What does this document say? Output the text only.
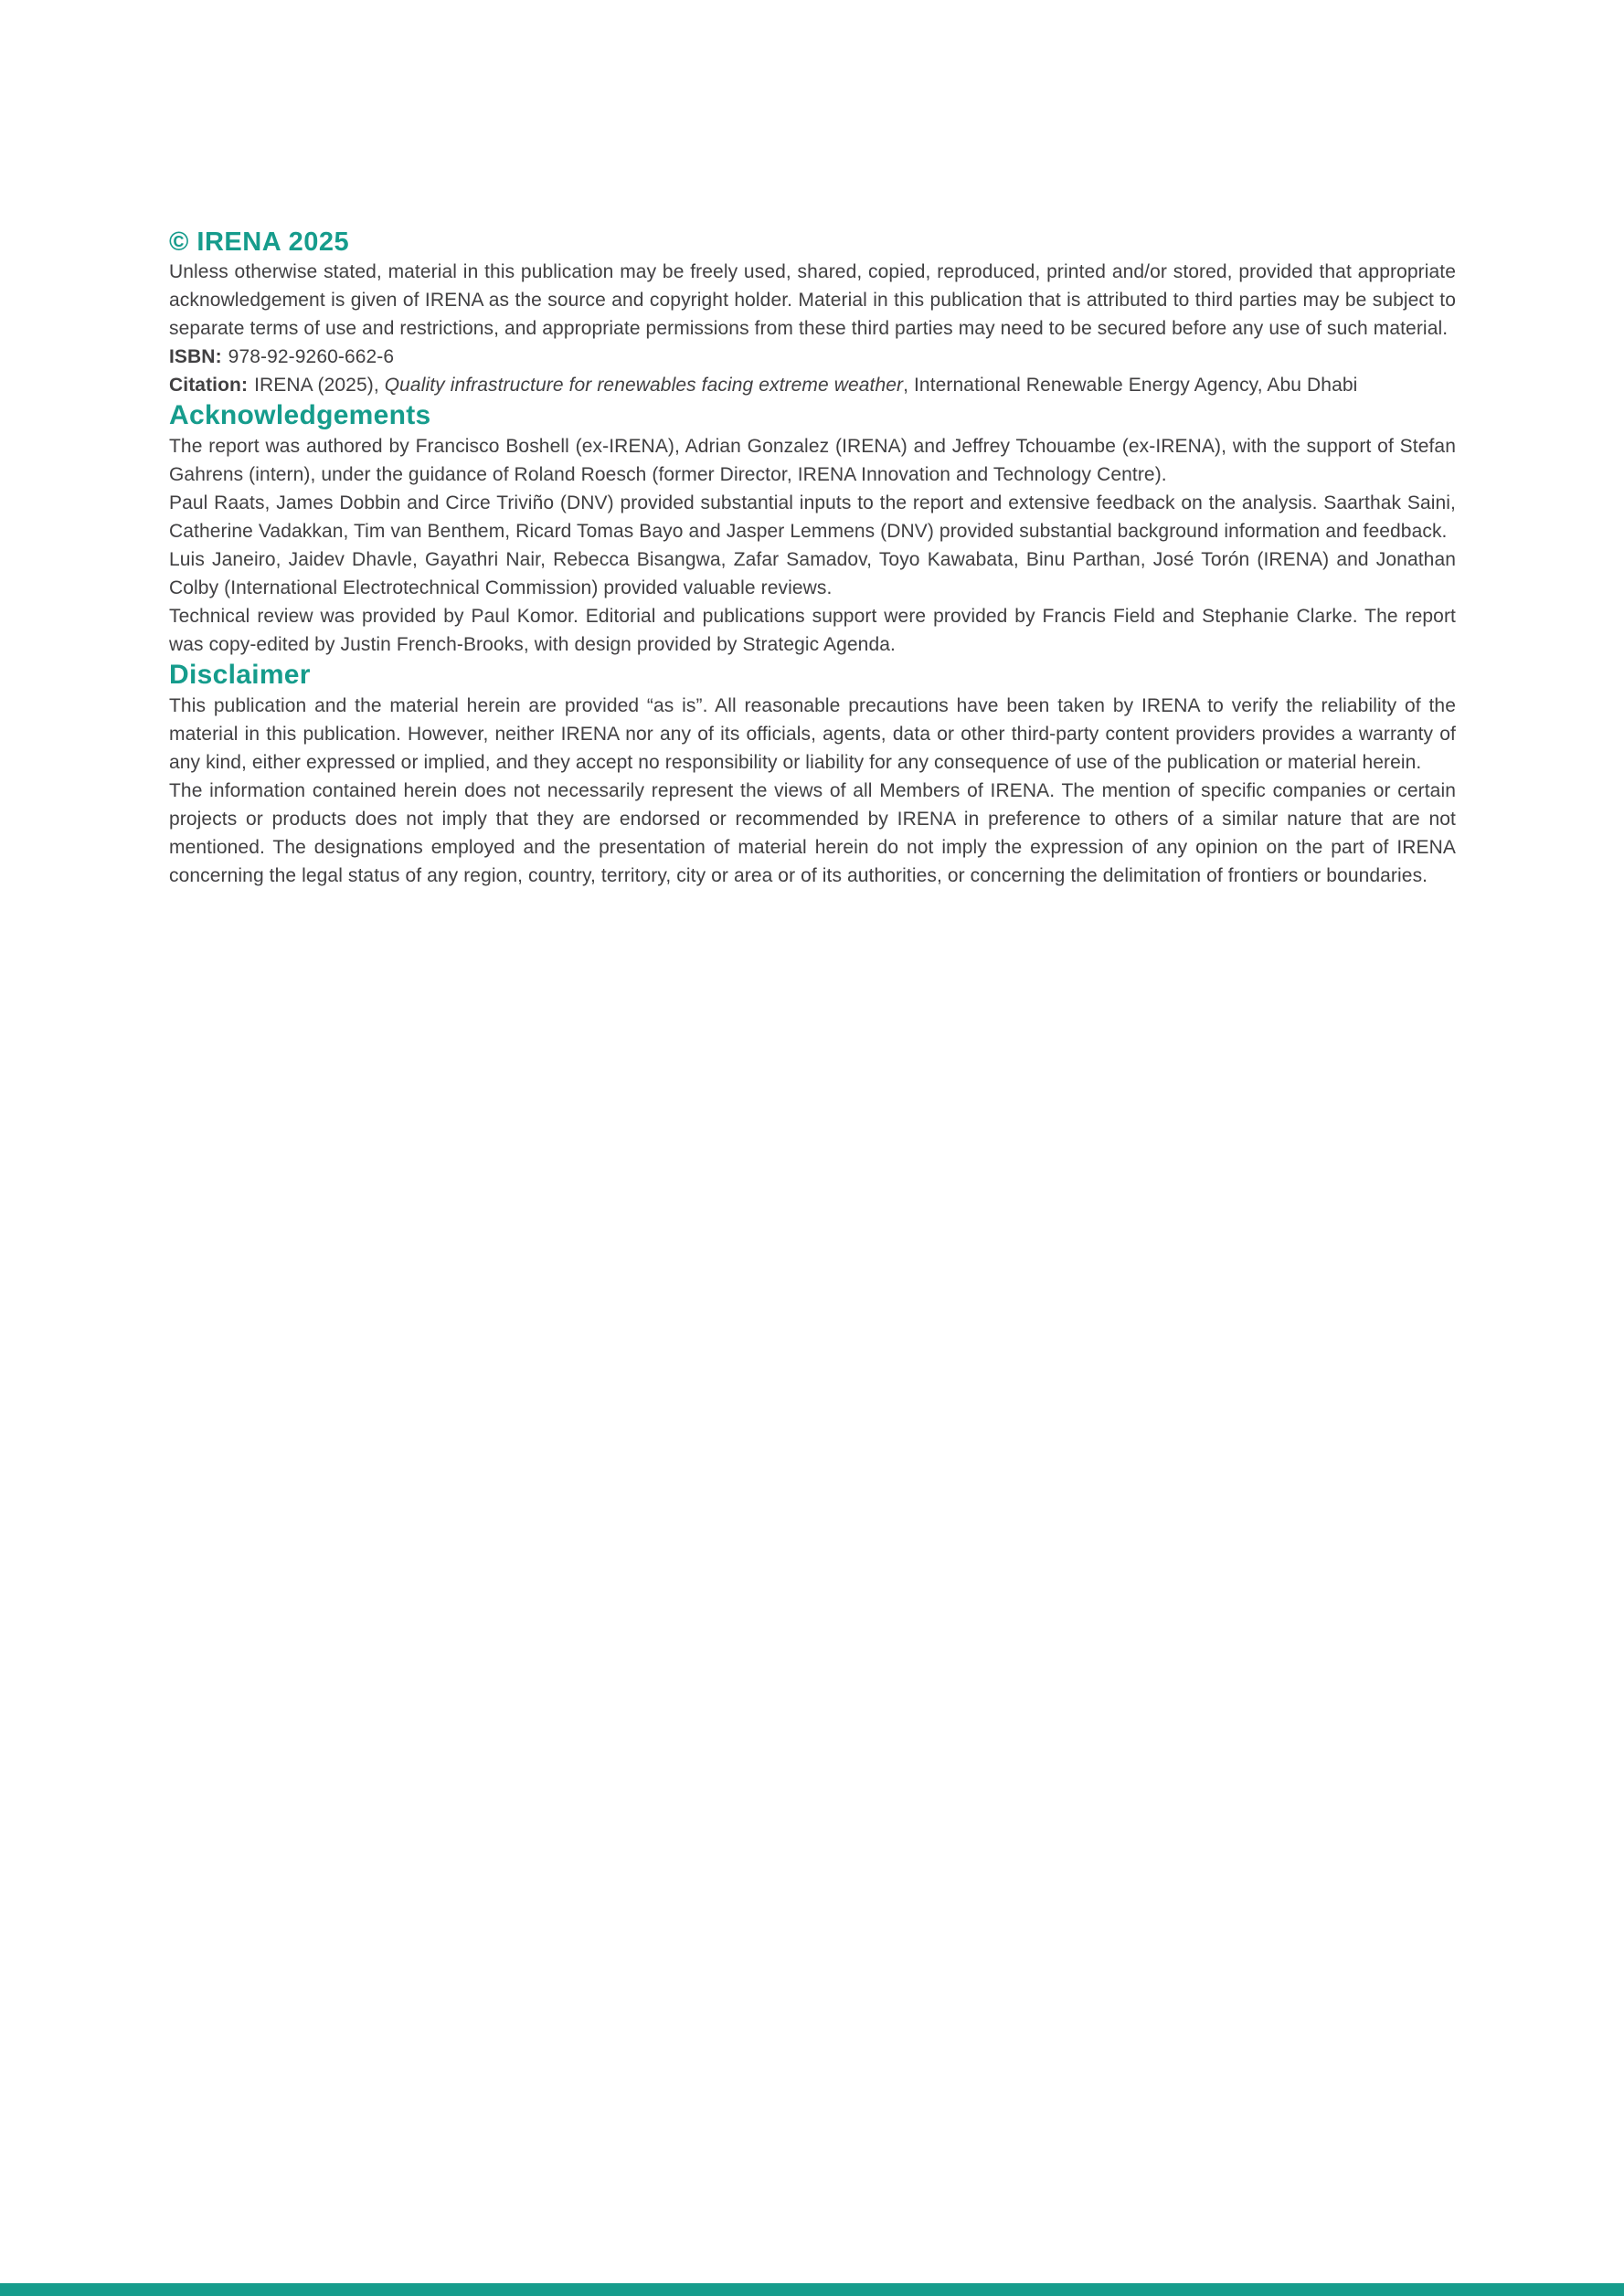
© IRENA 2025

Unless otherwise stated, material in this publication may be freely used, shared, copied, reproduced, printed and/or stored, provided that appropriate acknowledgement is given of IRENA as the source and copyright holder. Material in this publication that is attributed to third parties may be subject to separate terms of use and restrictions, and appropriate permissions from these third parties may need to be secured before any use of such material.

ISBN: 978-92-9260-662-6

Citation: IRENA (2025), Quality infrastructure for renewables facing extreme weather, International Renewable Energy Agency, Abu Dhabi

Acknowledgements

The report was authored by Francisco Boshell (ex-IRENA), Adrian Gonzalez (IRENA) and Jeffrey Tchouambe (ex-IRENA), with the support of Stefan Gahrens (intern), under the guidance of Roland Roesch (former Director, IRENA Innovation and Technology Centre).

Paul Raats, James Dobbin and Circe Triviño (DNV) provided substantial inputs to the report and extensive feedback on the analysis. Saarthak Saini, Catherine Vadakkan, Tim van Benthem, Ricard Tomas Bayo and Jasper Lemmens (DNV) provided substantial background information and feedback.

Luis Janeiro, Jaidev Dhavle, Gayathri Nair, Rebecca Bisangwa, Zafar Samadov, Toyo Kawabata, Binu Parthan, José Torón (IRENA) and Jonathan Colby (International Electrotechnical Commission) provided valuable reviews.

Technical review was provided by Paul Komor. Editorial and publications support were provided by Francis Field and Stephanie Clarke. The report was copy-edited by Justin French-Brooks, with design provided by Strategic Agenda.

Disclaimer

This publication and the material herein are provided “as is”. All reasonable precautions have been taken by IRENA to verify the reliability of the material in this publication. However, neither IRENA nor any of its officials, agents, data or other third-party content providers provides a warranty of any kind, either expressed or implied, and they accept no responsibility or liability for any consequence of use of the publication or material herein.

The information contained herein does not necessarily represent the views of all Members of IRENA. The mention of specific companies or certain projects or products does not imply that they are endorsed or recommended by IRENA in preference to others of a similar nature that are not mentioned. The designations employed and the presentation of material herein do not imply the expression of any opinion on the part of IRENA concerning the legal status of any region, country, territory, city or area or of its authorities, or concerning the delimitation of frontiers or boundaries.
